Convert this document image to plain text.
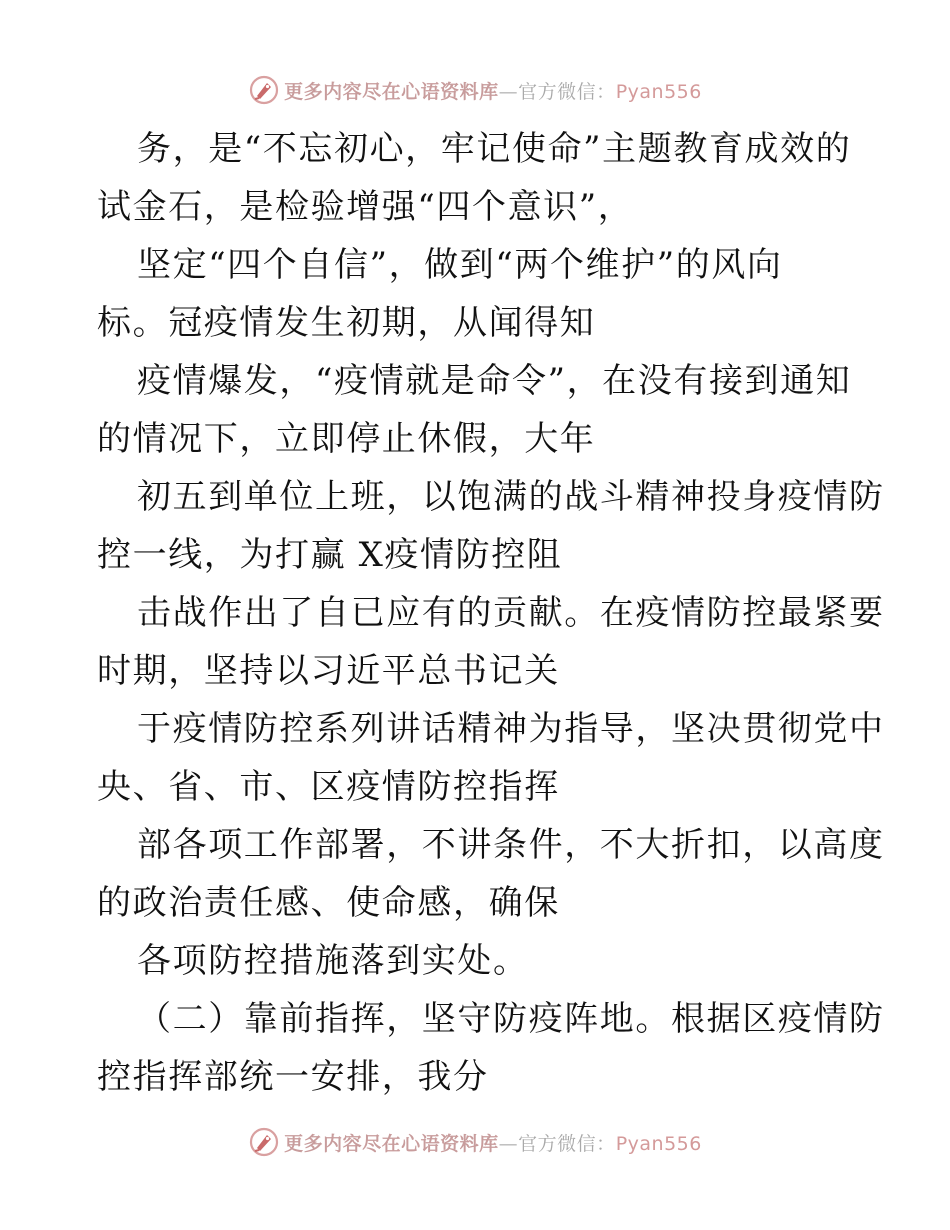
更多内容尽在心语资料库—官方微信：Pyan556
务，是“不忘初心，牢记使命”主题教育成效的
试金石，是检验增强“四个意识”，
坚定“四个自信”，做到“两个维护”的风向
标。冠疫情发生初期，从闻得知
疫情爆发，“疫情就是命令”，在没有接到通知
的情况下，立即停止休假，大年
初五到单位上班，以饱满的战斗精神投身疫情防
控一线，为打赢 X疫情防控阻
击战作出了自已应有的贡献。在疫情防控最紧要
时期，坚持以习近平总书记关
于疫情防控系列讲话精神为指导，坚决贯彻党中
央、省、市、区疫情防控指挥
部各项工作部署，不讲条件，不大折扣，以高度
的政治责任感、使命感，确保
各项防控措施落到实处。
（二）靠前指挥，坚守防疫阵地。根据区疫情防
控指挥部统一安排，我分
更多内容尽在心语资料库—官方微信：Pyan556
